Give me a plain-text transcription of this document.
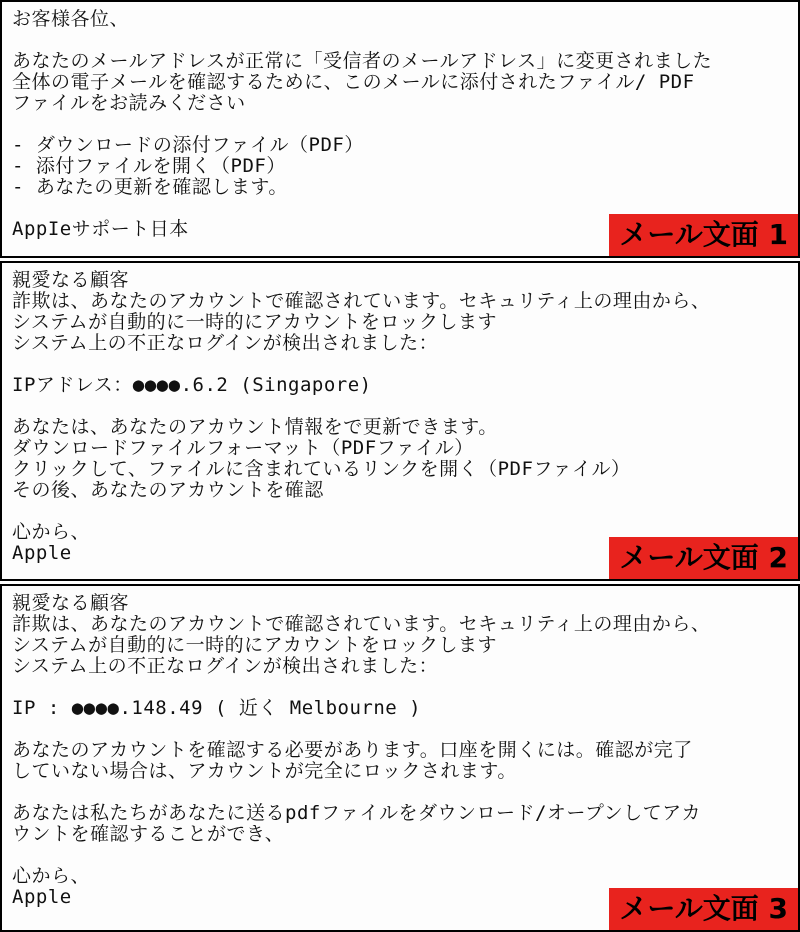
お客様各位、
あなたのメールアドレスが正常に「受信者のメールアドレス」に変更されました
全体の電子メールを確認するために、このメールに添付されたファイル/ PDF
ファイルをお読みください
- ダウンロードの添付ファイル（PDF）
- 添付ファイルを開く（PDF）
- あなたの更新を確認します。
AppIeサポート日本	メール文面 1
親愛なる顧客
詐欺は、あなたのアカウントで確認されています。セキュリティ上の理由から、
システムが自動的に一時的にアカウントをロックします
システム上の不正なログインが検出されました：
IPアドレス：●●●●.6.2 (Singapore)
あなたは、あなたのアカウント情報をで更新できます。
ダウンロードファイルフォーマット（PDFファイル）
クリックして、ファイルに含まれているリンクを開く（PDFファイル）
その後、あなたのアカウントを確認
心から、
Apple	メール文面 2
親愛なる顧客
詐欺は、あなたのアカウントで確認されています。セキュリティ上の理由から、
システムが自動的に一時的にアカウントをロックします
システム上の不正なログインが検出されました：
IP : ●●●●.148.49 ( 近く Melbourne )
あなたのアカウントを確認する必要があります。口座を開くには。確認が完了
していない場合は、アカウントが完全にロックされます。
あなたは私たちがあなたに送るpdfファイルをダウンロード/オープンしてアカ
ウントを確認することができ、
心から、
Apple	メール文面 3
